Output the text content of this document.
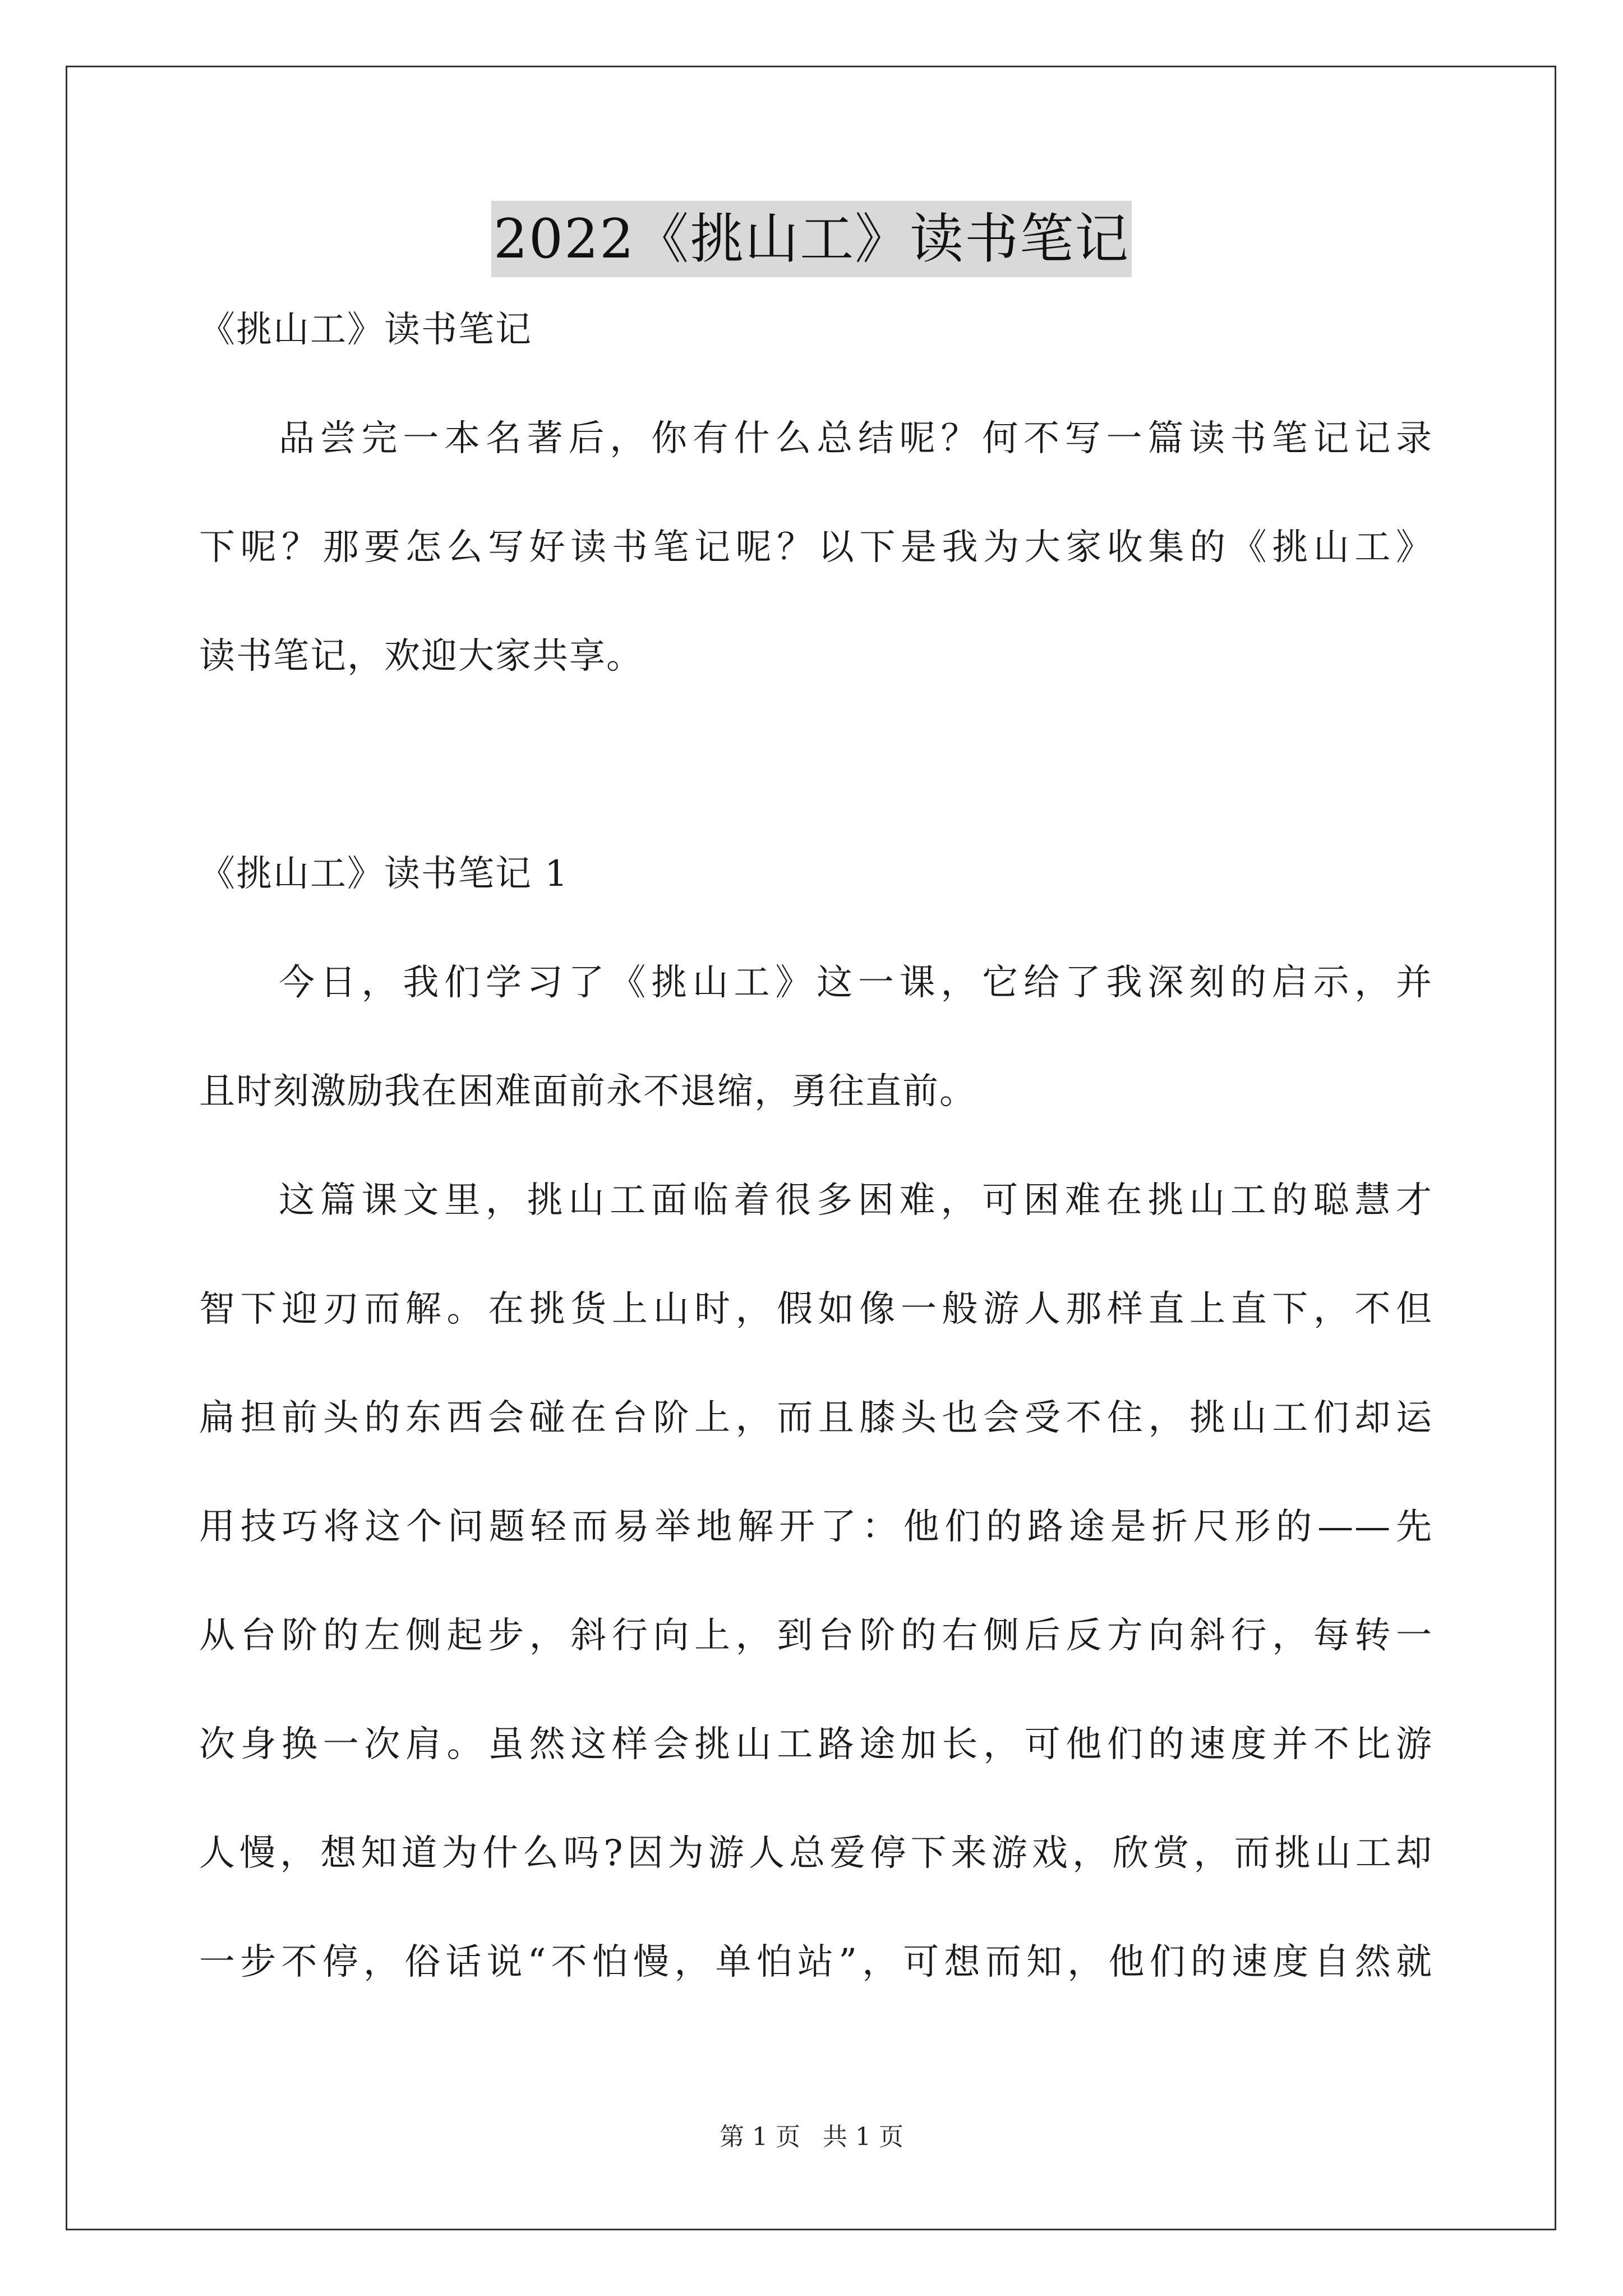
2022《挑山工》读书笔记

《挑山工》读书笔记

品尝完一本名著后，你有什么总结呢？何不写一篇读书笔记记录

下呢？那要怎么写好读书笔记呢？以下是我为大家收集的《挑山工》

读书笔记，欢迎大家共享。

《挑山工》读书笔记 1

今日，我们学习了《挑山工》这一课，它给了我深刻的启示，并

且时刻激励我在困难面前永不退缩，勇往直前。

这篇课文里，挑山工面临着很多困难，可困难在挑山工的聪慧才

智下迎刃而解。在挑货上山时，假如像一般游人那样直上直下，不但

扁担前头的东西会碰在台阶上，而且膝头也会受不住，挑山工们却运

用技巧将这个问题轻而易举地解开了：他们的路途是折尺形的——先

从台阶的左侧起步，斜行向上，到台阶的右侧后反方向斜行，每转一

次身换一次肩。虽然这样会挑山工路途加长，可他们的速度并不比游

人慢，想知道为什么吗?因为游人总爱停下来游戏，欣赏，而挑山工却

一步不停，俗话说“不怕慢，单怕站”，可想而知，他们的速度自然就

第 1 页 共 1 页
